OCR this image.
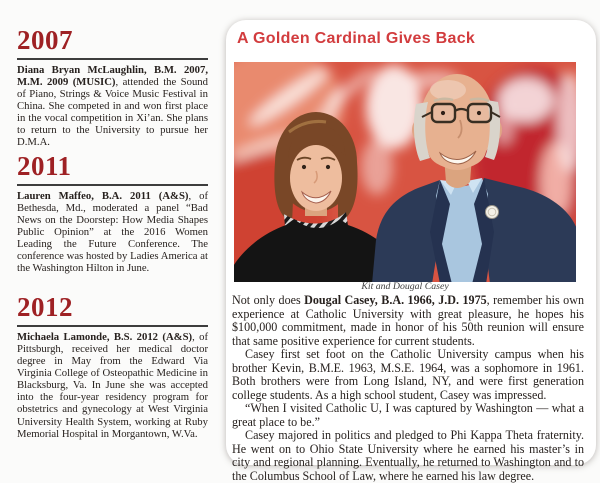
2007

Diana Bryan McLaughlin, B.M. 2007, M.M. 2009 (MUSIC), attended the Sound of Piano, Strings & Voice Music Festival in China. She competed in and won first place in the vocal competition in Xi’an. She plans to return to the University to pursue her D.M.A.

2011

Lauren Maffeo, B.A. 2011 (A&S), of Bethesda, Md., moderated a panel “Bad News on the Doorstep: How Media Shapes Public Opinion” at the 2016 Women Leading the Future Conference. The conference was hosted by Ladies America at the Washington Hilton in June.

2012

Michaela Lamonde, B.S. 2012 (A&S), of Pittsburgh, received her medical doctor degree in May from the Edward Via Virginia College of Osteopathic Medicine in Blacksburg, Va. In June she was accepted into the four-year residency program for obstetrics and gynecology at West Virginia University Health System, working at Ruby Memorial Hospital in Morgantown, W.Va.

A Golden Cardinal Gives Back
Kit and Dougal Casey

Not only does Dougal Casey, B.A. 1966, J.D. 1975, remember his own experience at Catholic University with great pleasure, he hopes his $100,000 commitment, made in honor of his 50th reunion will ensure that same positive experience for current students.

Casey first set foot on the Catholic University campus when his brother Kevin, B.M.E. 1963, M.S.E. 1964, was a sophomore in 1961. Both brothers were from Long Island, NY, and were first generation college students. As a high school student, Casey was impressed.

“When I visited Catholic U, I was captured by Washington — what a great place to be.”

Casey majored in politics and pledged to Phi Kappa Theta fraternity. He went on to Ohio State University where he earned his master’s in city and regional planning. Eventually, he returned to Washington and to the Columbus School of Law, where he earned his law degree.
